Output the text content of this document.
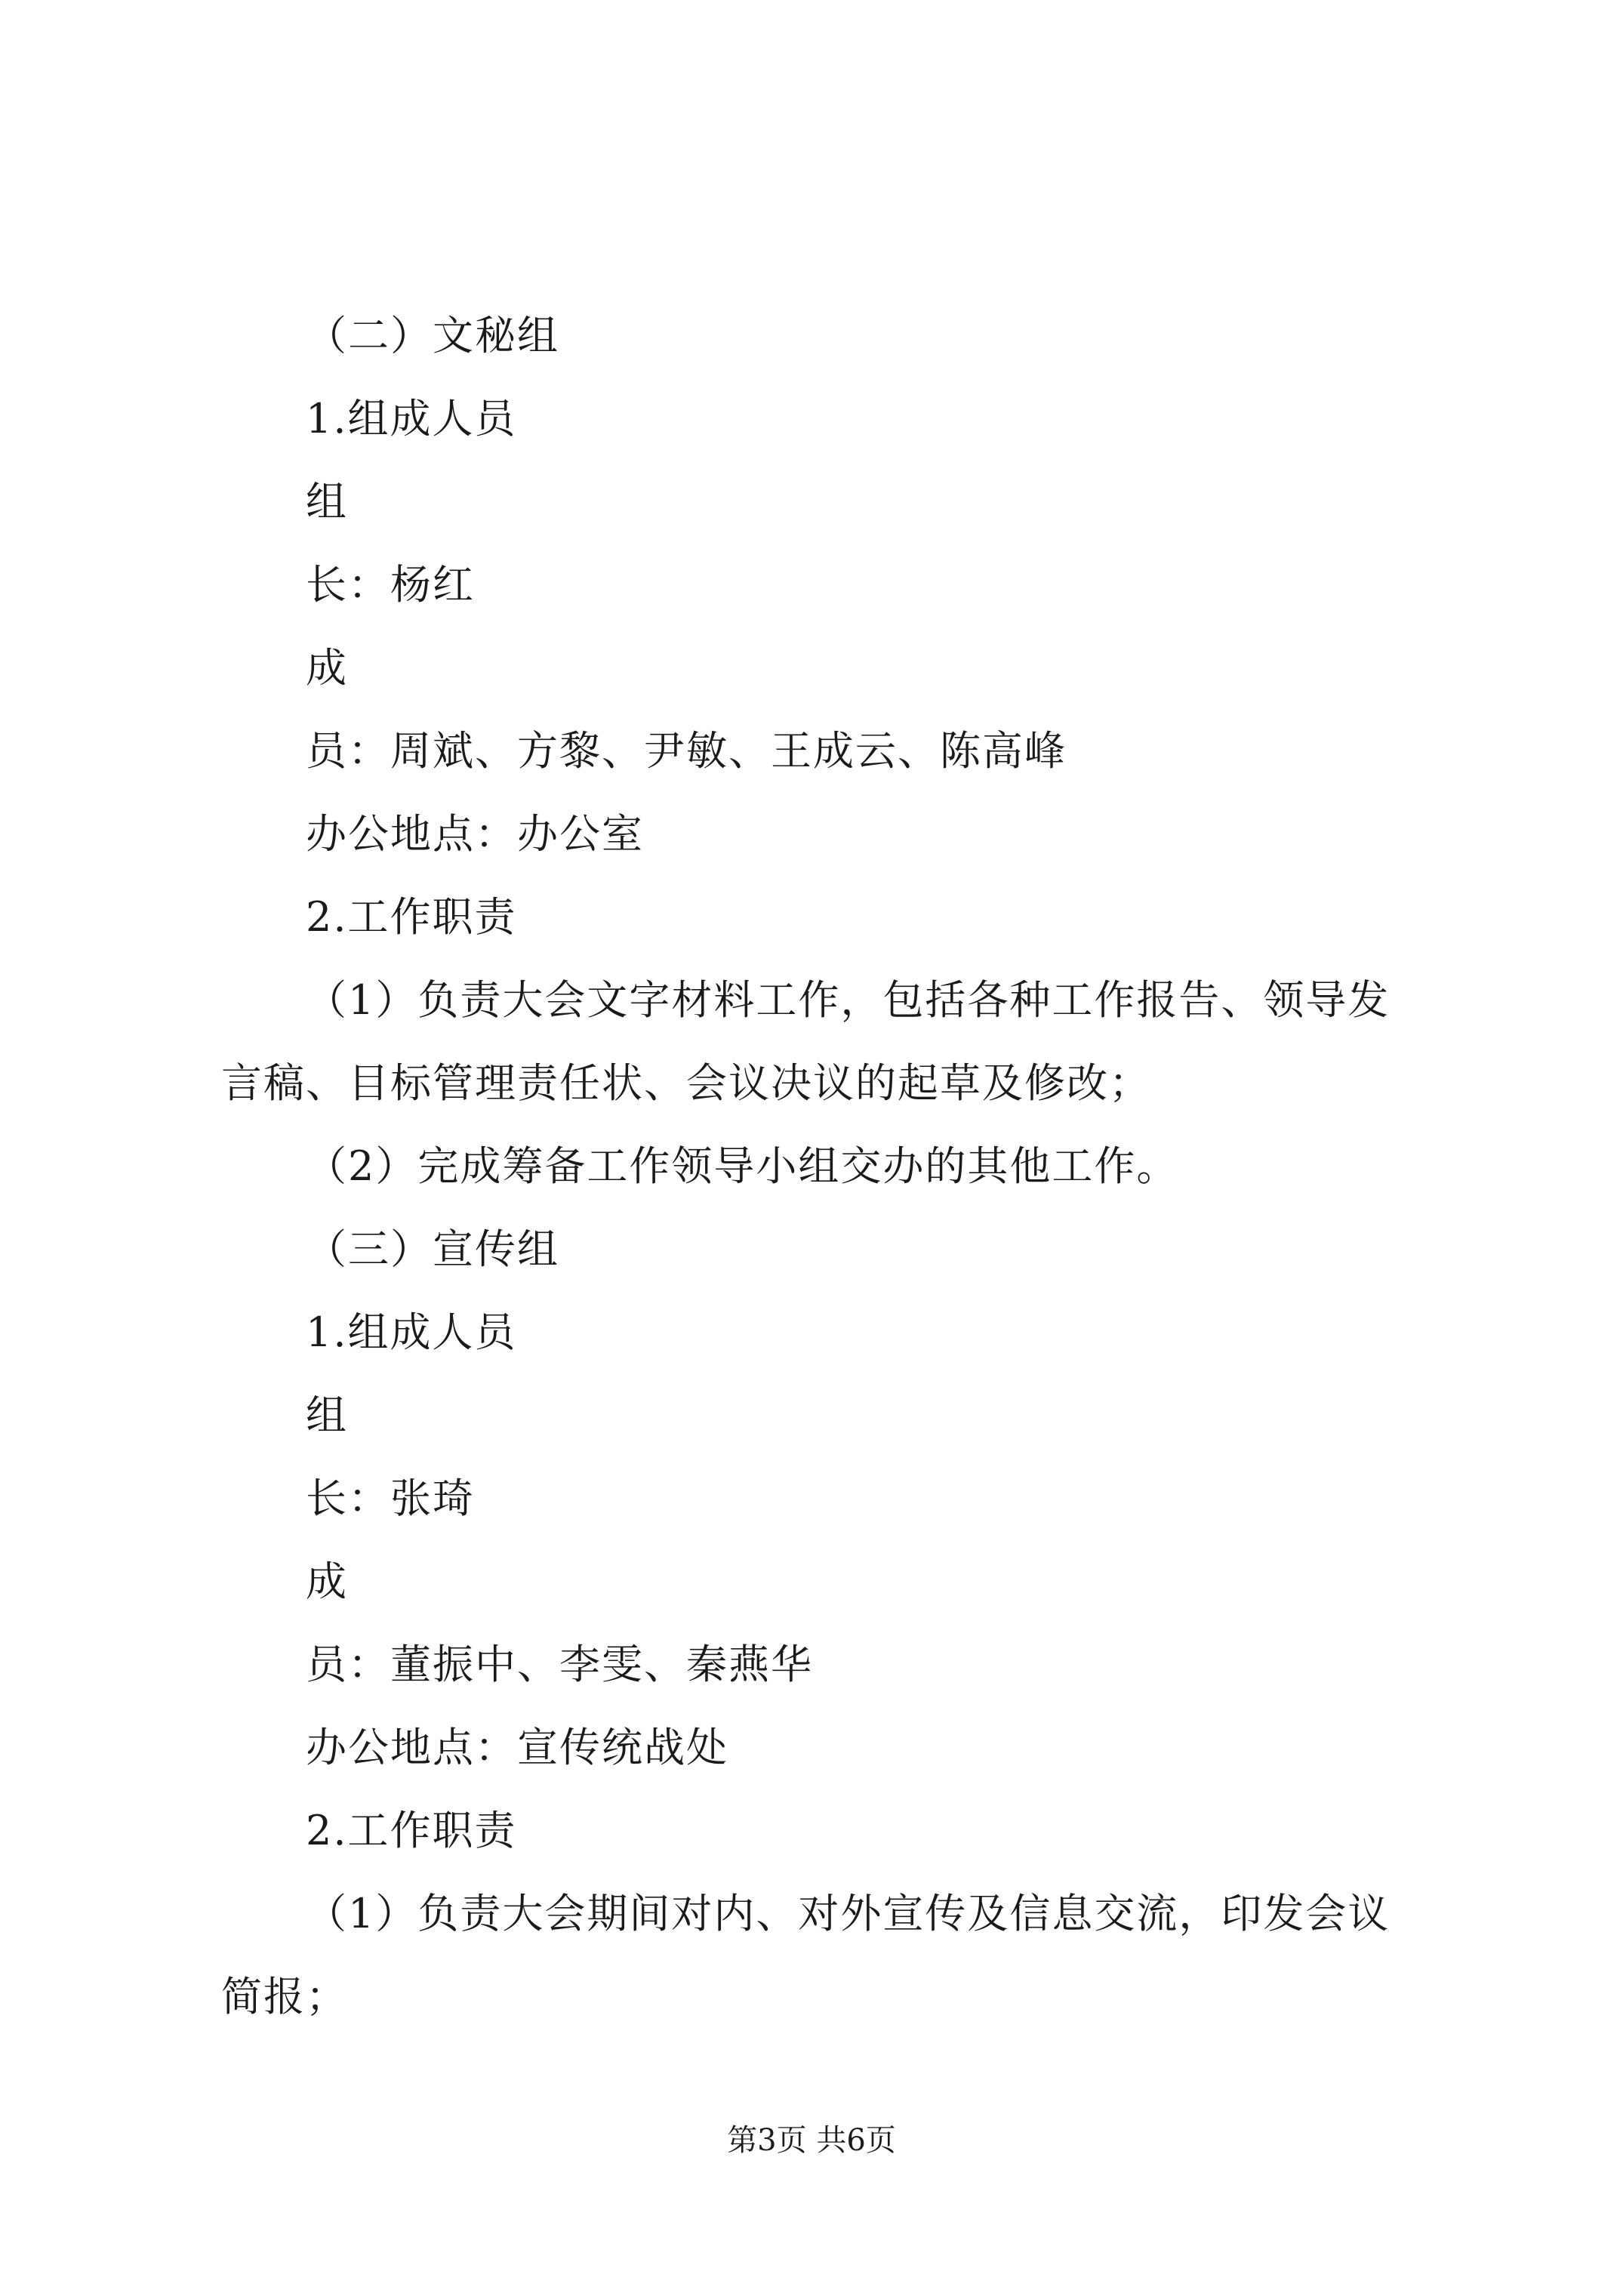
（二）文秘组
1.组成人员
组
长：杨红
成
员：周斌、方黎、尹敏、王成云、陈高峰
办公地点：办公室
2.工作职责
（1）负责大会文字材料工作，包括各种工作报告、领导发
言稿、目标管理责任状、会议决议的起草及修改；
（2）完成筹备工作领导小组交办的其他工作。
（三）宣传组
1.组成人员
组
长：张琦
成
员：董振中、李雯、秦燕华
办公地点：宣传统战处
2.工作职责
（1）负责大会期间对内、对外宣传及信息交流，印发会议
简报；
第3页 共6页
